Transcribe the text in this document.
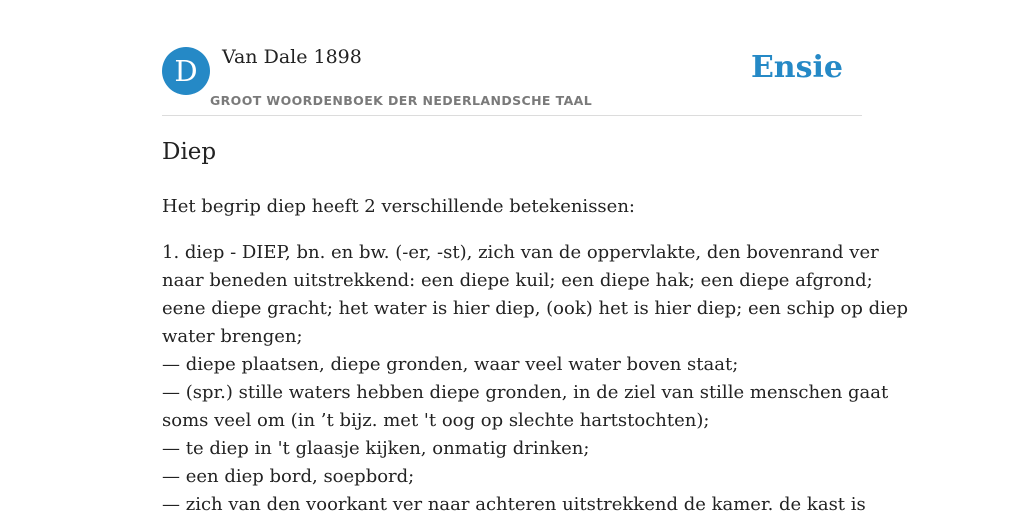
D	Van Dale 1898
GROOT WOORDENBOEK DER NEDERLANDSCHE TAAL
Ensie
Diep

Het begrip diep heeft 2 verschillende betekenissen:

1. diep - DIEP, bn. en bw. (-er, -st), zich van de oppervlakte, den bovenrand ver
naar beneden uitstrekkend: een diepe kuil; een diepe hak; een diepe afgrond;
eene diepe gracht; het water is hier diep, (ook) het is hier diep; een schip op diep
water brengen;
— diepe plaatsen, diepe gronden, waar veel water boven staat;
— (spr.) stille waters hebben diepe gronden, in de ziel van stille menschen gaat
soms veel om (in ’t bijz. met 't oog op slechte hartstochten);
— te diep in 't glaasje kijken, onmatig drinken;
— een diep bord, soepbord;
— zich van den voorkant ver naar achteren uitstrekkend de kamer. de kast is
